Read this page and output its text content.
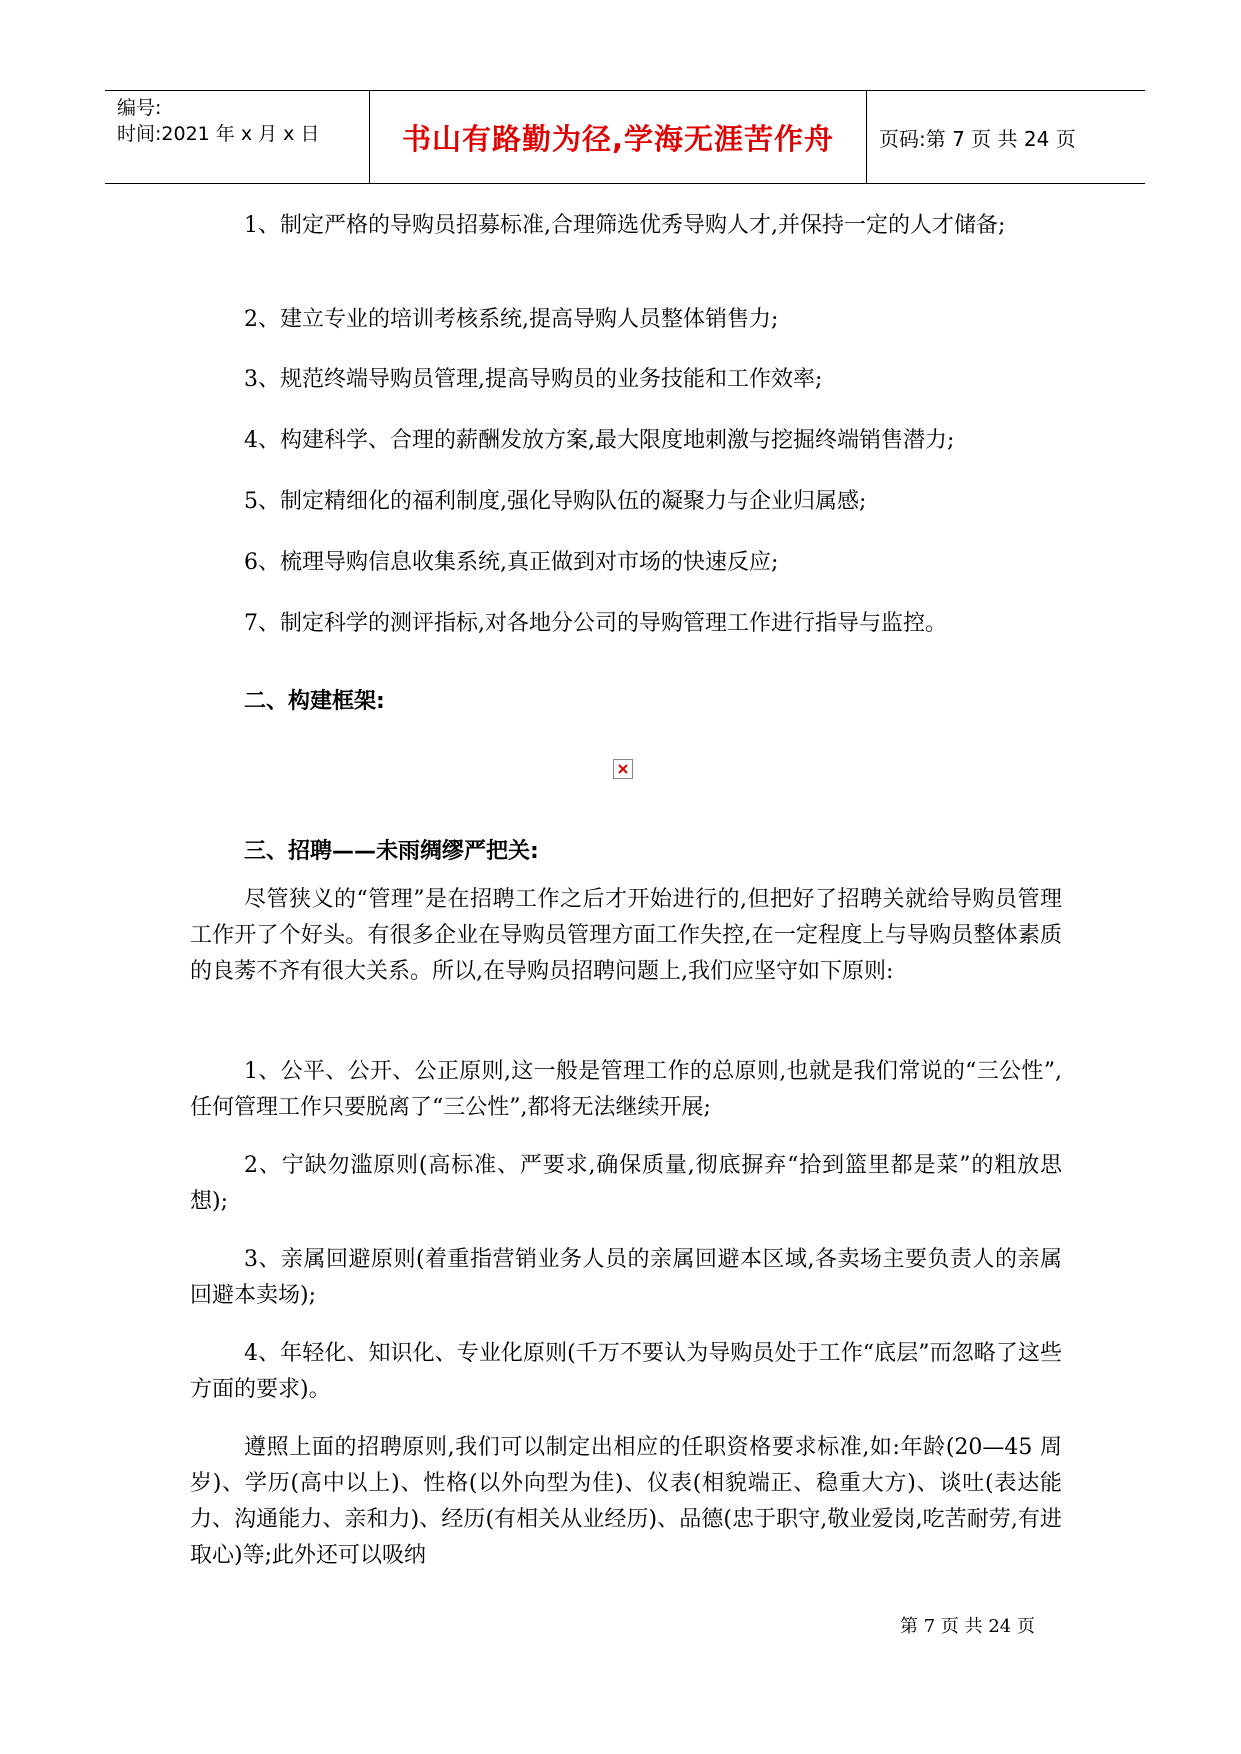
编号:
时间:2021 年 x 月 x 日	书山有路勤为径,学海无涯苦作舟 页码:第 7 页 共 24 页
1、制定严格的导购员招募标准,合理筛选优秀导购人才,并保持一定的人才储备;
2、建立专业的培训考核系统,提高导购人员整体销售力;
3、规范终端导购员管理,提高导购员的业务技能和工作效率;
4、构建科学、合理的薪酬发放方案,最大限度地刺激与挖掘终端销售潜力;
5、制定精细化的福利制度,强化导购队伍的凝聚力与企业归属感;
6、梳理导购信息收集系统,真正做到对市场的快速反应;
7、制定科学的测评指标,对各地分公司的导购管理工作进行指导与监控。
二、构建框架:
三、招聘——未雨绸缪严把关:
尽管狭义的“管理”是在招聘工作之后才开始进行的,但把好了招聘关就给导购员管理工作开了个好头。有很多企业在导购员管理方面工作失控,在一定程度上与导购员整体素质的良莠不齐有很大关系。所以,在导购员招聘问题上,我们应坚守如下原则:
1、公平、公开、公正原则,这一般是管理工作的总原则,也就是我们常说的“三公性”,任何管理工作只要脱离了“三公性”,都将无法继续开展;
2、宁缺勿滥原则(高标准、严要求,确保质量,彻底摒弃“拾到篮里都是菜”的粗放思想);
3、亲属回避原则(着重指营销业务人员的亲属回避本区域,各卖场主要负责人的亲属回避本卖场);
4、年轻化、知识化、专业化原则(千万不要认为导购员处于工作“底层”而忽略了这些方面的要求)。
遵照上面的招聘原则,我们可以制定出相应的任职资格要求标准,如:年龄(20—45 周岁)、学历(高中以上)、性格(以外向型为佳)、仪表(相貌端正、稳重大方)、谈吐(表达能力、沟通能力、亲和力)、经历(有相关从业经历)、品德(忠于职守,敬业爱岗,吃苦耐劳,有进取心)等;此外还可以吸纳
第 7 页 共 24 页
